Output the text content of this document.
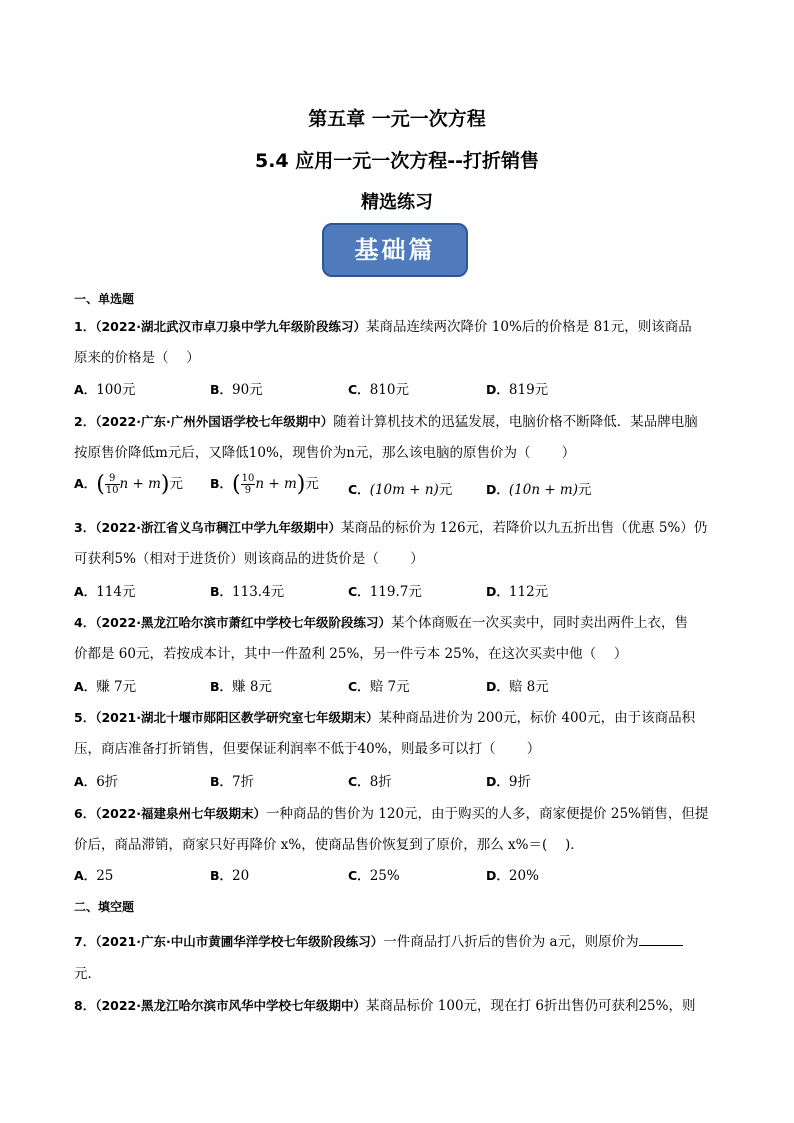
第五章 一元一次方程
5.4 应用一元一次方程--打折销售
精选练习
基础篇
一、单选题
1．（2022·湖北武汉市卓刀泉中学九年级阶段练习）某商品连续两次降价 10%后的价格是 81元，则该商品
原来的价格是（　 ）
A．100元	B．90元	C．810元	D．819元
2．（2022·广东·广州外国语学校七年级期中）随着计算机技术的迅猛发展，电脑价格不断降低．某品牌电脑
按原售价降低m元后，又降低10%，现售价为n元，那么该电脑的原售价为（　　 ）
A．( $\frac{9}{10}$ n + m)元 B．( $\frac{10}{9}$ n + m)元 C．(10m + n)元	D．(10n + m)元
3．（2022·浙江省义乌市稠江中学九年级期中）某商品的标价为 126元，若降价以九五折出售（优惠 5%）仍
可获利5%（相对于进货价）则该商品的进货价是（　　 ）
A．114元	B．113.4元	C．119.7元	D．112元
4．（2022·黑龙江哈尔滨市萧红中学校七年级阶段练习）某个体商贩在一次买卖中，同时卖出两件上衣，售
价都是 60元，若按成本计，其中一件盈利 25%，另一件亏本 25%，在这次买卖中他（　 ）
A．赚 7元	B．赚 8元	C．赔 7元	D．赔 8元
5．（2021·湖北十堰市郧阳区教学研究室七年级期末）某种商品进价为 200元，标价 400元，由于该商品积
压，商店准备打折销售，但要保证利润率不低于40%，则最多可以打（　　 ）
A．6折	B．7折	C．8折	D．9折
6．（2022·福建泉州七年级期末）一种商品的售价为 120元，由于购买的人多，商家便提价 25%销售，但提
价后，商品滞销，商家只好再降价 x%，使商品售价恢复到了原价，那么 x%＝(　 )．
A．25	B．20	C．25%	D．20%
二、填空题
7．（2021·广东·中山市黄圃华洋学校七年级阶段练习）一件商品打八折后的售价为 a元，则原价为
元．
8．（2022·黑龙江哈尔滨市风华中学校七年级期中）某商品标价 100元，现在打 6折出售仍可获利25%，则
